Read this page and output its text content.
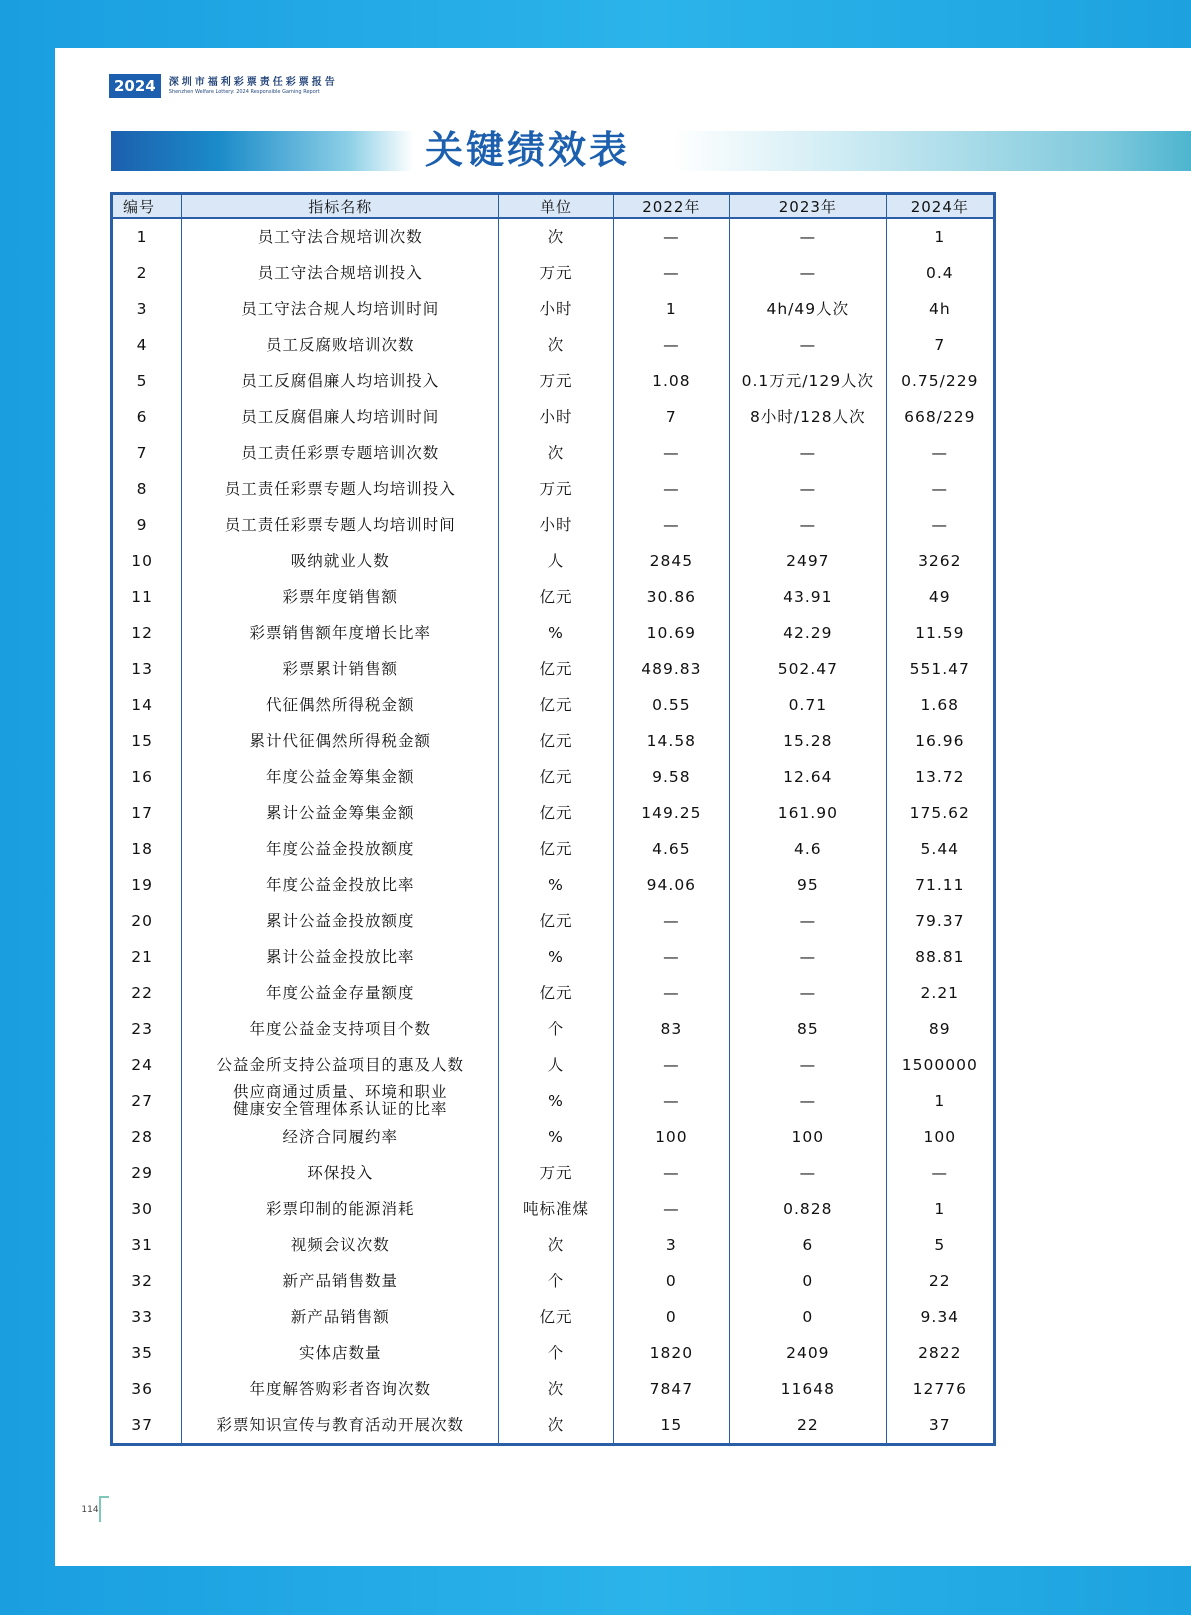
2024	深圳市福利彩票责任彩票报告
Shenzhen Welfare Lottery: 2024 Responsible Gaming Report
关键绩效表
编号	指标名称	单位	2022年	2023年	2024年
1	员工守法合规培训次数	次	—	—	1
2	员工守法合规培训投入	万元	—	—	0.4
3	员工守法合规人均培训时间	小时	1	4h/49人次	4h
4	员工反腐败培训次数	次	—	—	7
5	员工反腐倡廉人均培训投入	万元	1.08	0.1万元/129人次	0.75/229
6	员工反腐倡廉人均培训时间	小时	7	8小时/128人次	668/229
7	员工责任彩票专题培训次数	次	—	—	—
8	员工责任彩票专题人均培训投入	万元	—	—	—
9	员工责任彩票专题人均培训时间	小时	—	—	—
10	吸纳就业人数	人	2845	2497	3262
11	彩票年度销售额	亿元	30.86	43.91	49
12	彩票销售额年度增长比率	%	10.69	42.29	11.59
13	彩票累计销售额	亿元	489.83	502.47	551.47
14	代征偶然所得税金额	亿元	0.55	0.71	1.68
15	累计代征偶然所得税金额	亿元	14.58	15.28	16.96
16	年度公益金筹集金额	亿元	9.58	12.64	13.72
17	累计公益金筹集金额	亿元	149.25	161.90	175.62
18	年度公益金投放额度	亿元	4.65	4.6	5.44
19	年度公益金投放比率	%	94.06	95	71.11
20	累计公益金投放额度	亿元	—	—	79.37
21	累计公益金投放比率	%	—	—	88.81
22	年度公益金存量额度	亿元	—	—	2.21
23	年度公益金支持项目个数	个	83	85	89
24	公益金所支持公益项目的惠及人数	人	—	—	1500000
27	供应商通过质量、环境和职业
健康安全管理体系认证的比率	%	—	—	1
28	经济合同履约率	%	100	100	100
29	环保投入	万元	—	—	—
30	彩票印制的能源消耗	吨标准煤	—	0.828	1
31	视频会议次数	次	3	6	5
32	新产品销售数量	个	0	0	22
33	新产品销售额	亿元	0	0	9.34
35	实体店数量	个	1820	2409	2822
36	年度解答购彩者咨询次数	次	7847	11648	12776
37	彩票知识宣传与教育活动开展次数	次	15	22	37
114
